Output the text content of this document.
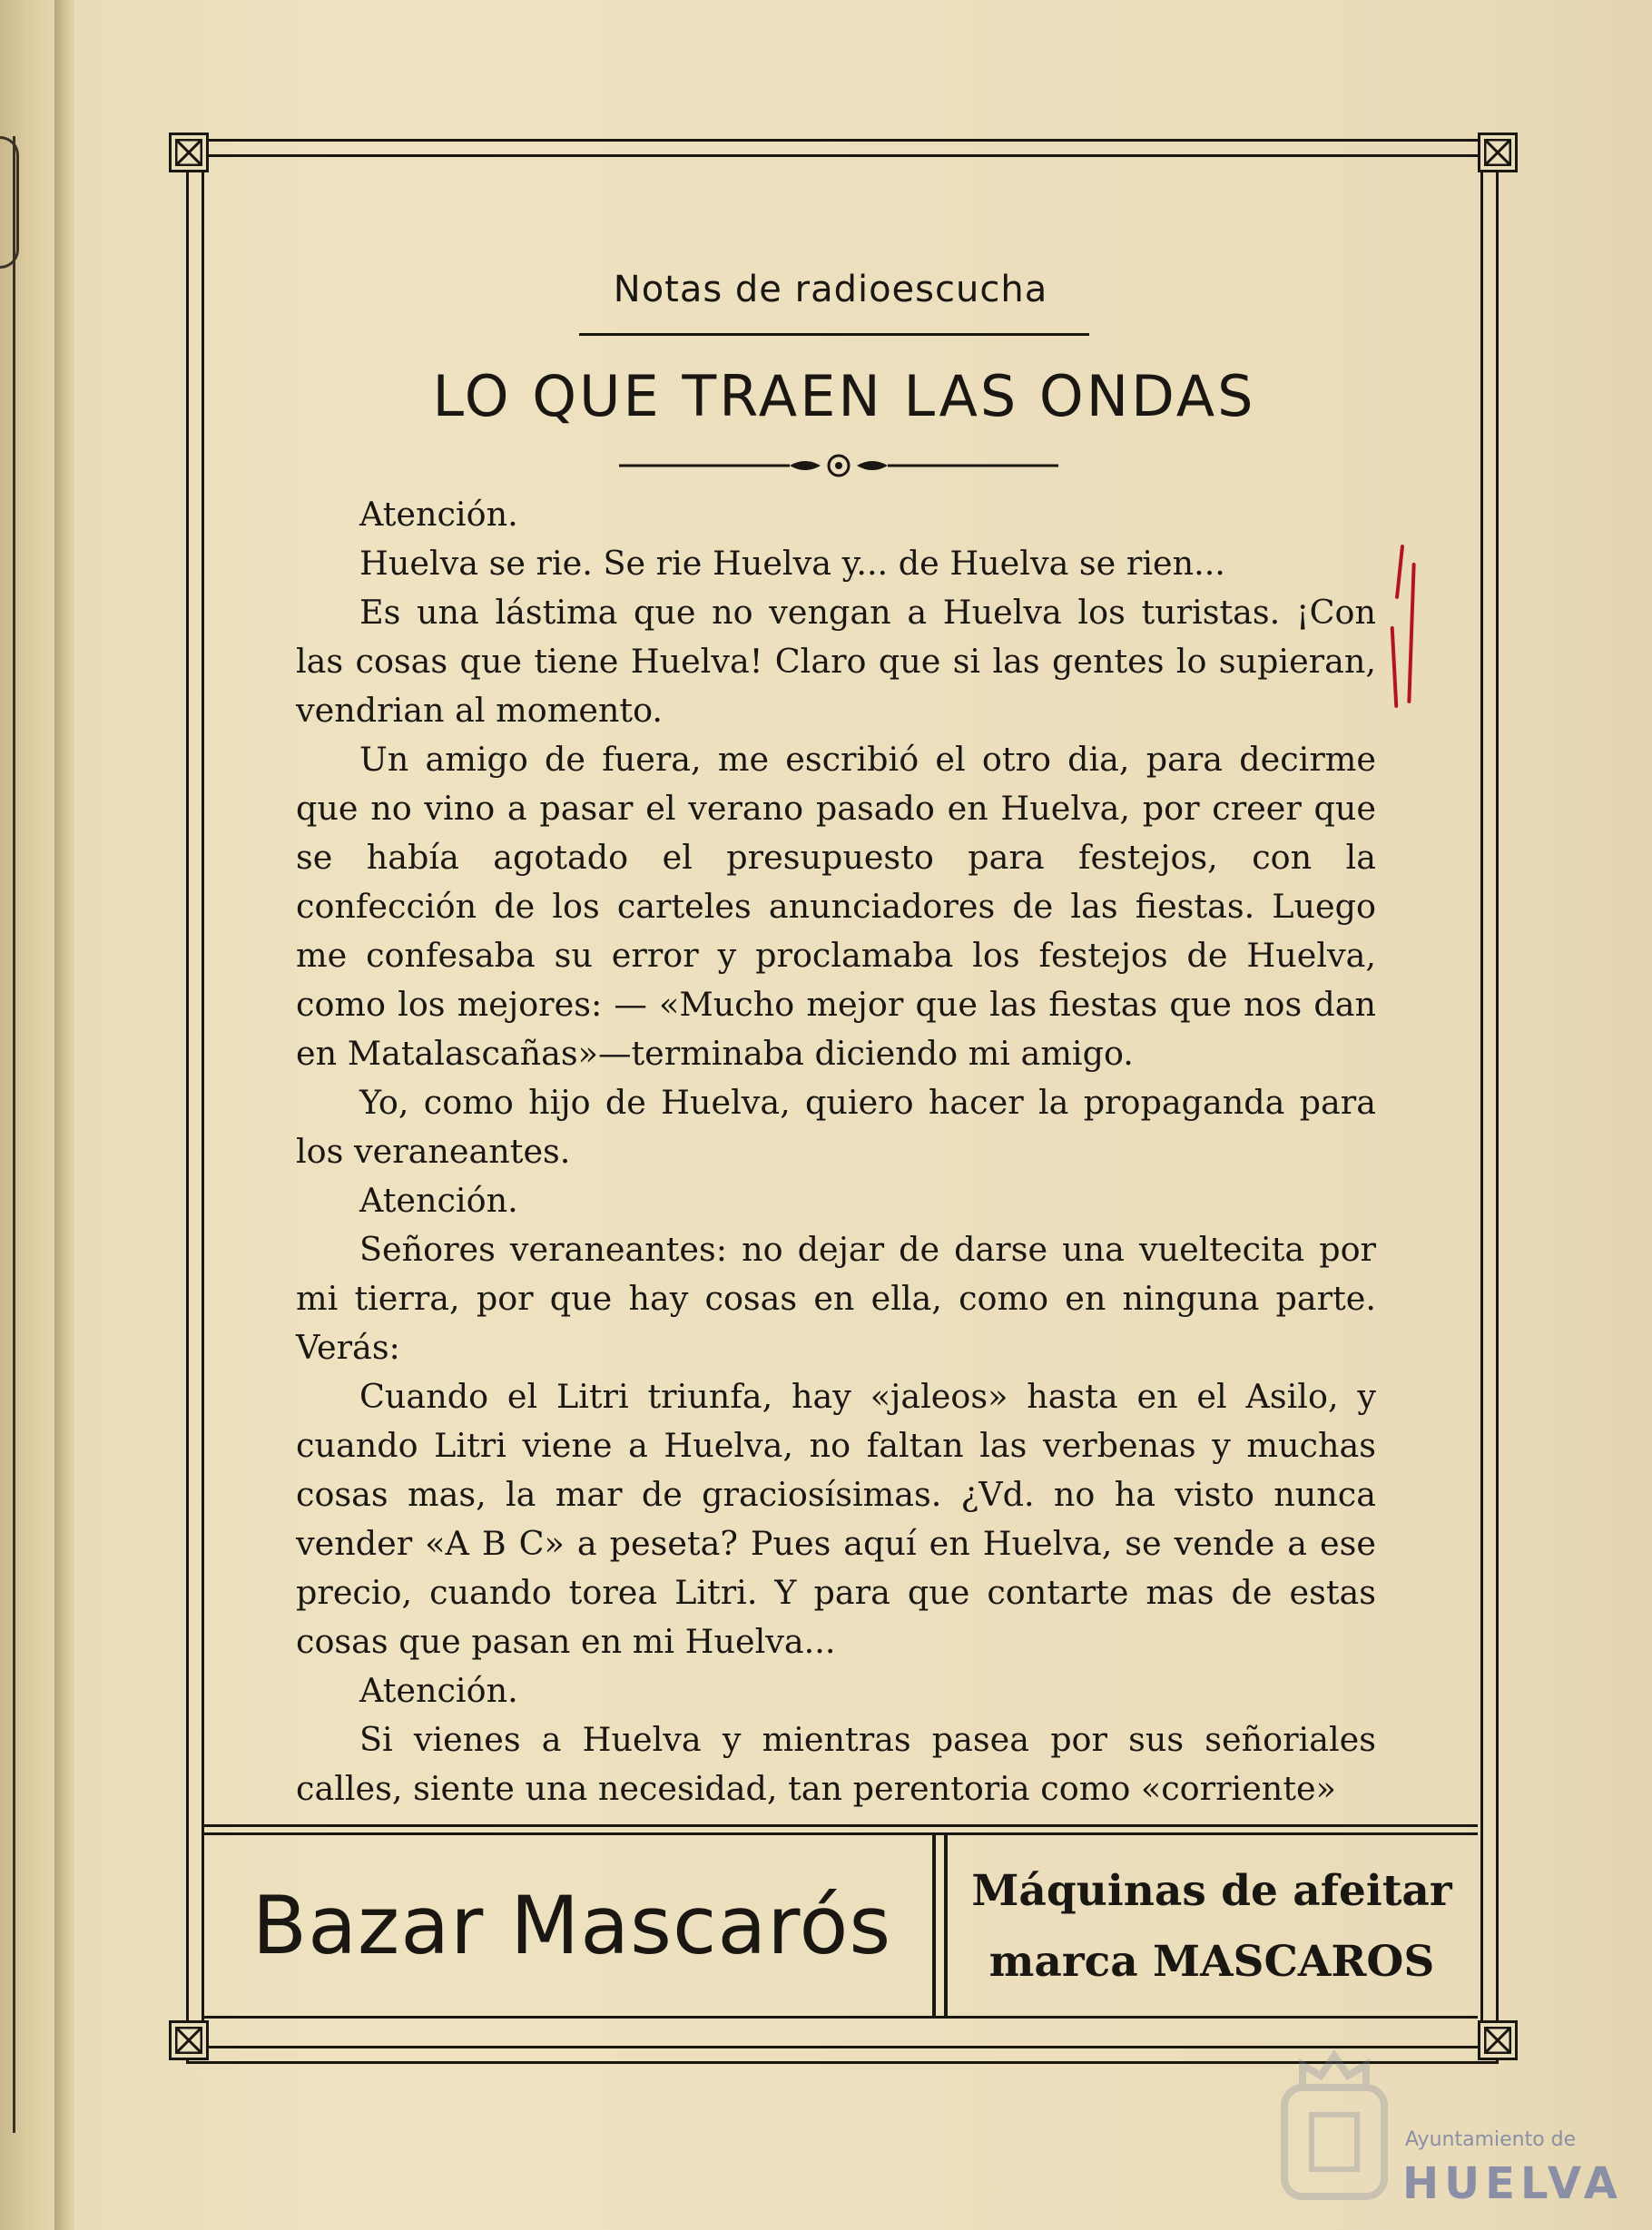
Notas de radioescucha
LO QUE TRAEN LAS ONDAS

Atención.

Huelva se rie. Se rie Huelva y... de Huelva se rien...

Es una lástima que no vengan a Huelva los turistas. ¡Con las cosas que tiene Huelva! Claro que si las gentes lo supieran, vendrian al momento.

Un amigo de fuera, me escribió el otro dia, para decirme que no vino a pasar el verano pasado en Huelva, por creer que se había agotado el presupuesto para festejos, con la confección de los carteles anunciadores de las fiestas. Luego me confesaba su error y proclamaba los festejos de Huelva, como los mejores: — «Mucho mejor que las fiestas que nos dan en Matalascañas»—terminaba diciendo mi amigo.

Yo, como hijo de Huelva, quiero hacer la propaganda para los veraneantes.

Atención.

Señores veraneantes: no dejar de darse una vueltecita por mi tierra, por que hay cosas en ella, como en ninguna parte. Verás:

Cuando el Litri triunfa, hay «jaleos» hasta en el Asilo, y cuando Litri viene a Huelva, no faltan las verbenas y muchas cosas mas, la mar de graciosísimas. ¿Vd. no ha visto nunca vender «A B C» a peseta? Pues aquí en Huelva, se vende a ese precio, cuando torea Litri. Y para que contarte mas de estas cosas que pasan en mi Huelva...

Atención.

Si vienes a Huelva y mientras pasea por sus señoriales calles, siente una necesidad, tan perentoria como «corriente»

Bazar Mascarós	Máquinas de afeitar
marca MASCAROS
Ayuntamiento de
HUELVA
